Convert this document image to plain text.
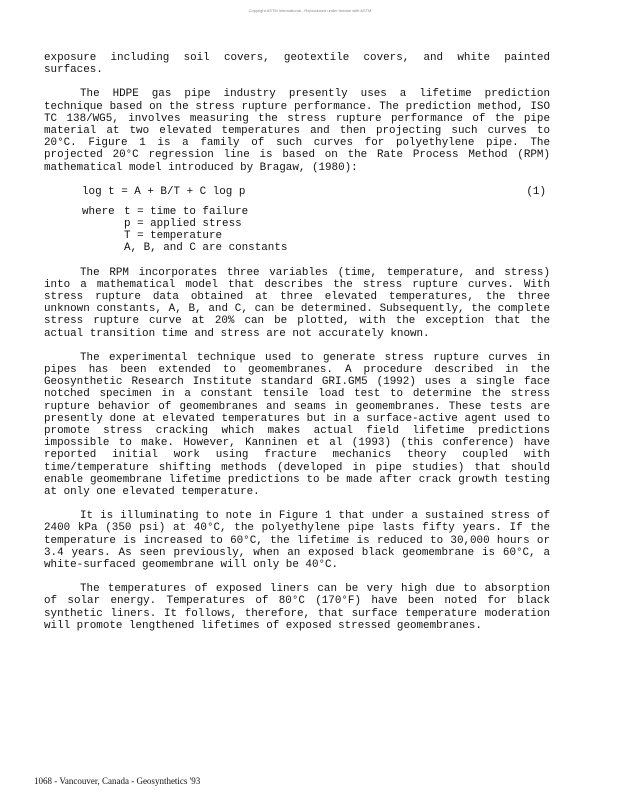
Copyright ASTM International - Reproduced under license with ASTM

exposure including soil covers, geotextile covers, and white painted surfaces.

The HDPE gas pipe industry presently uses a lifetime prediction technique based on the stress rupture performance. The prediction method, ISO TC 138/WG5, involves measuring the stress rupture performance of the pipe material at two elevated temperatures and then projecting such curves to 20°C. Figure 1 is a family of such curves for polyethylene pipe. The projected 20°C regression line is based on the Rate Process Method (RPM) mathematical model introduced by Bragaw, (1980):

log t = A + B/T + C log p	(1)
where t = time to failure
p = applied stress
T = temperature
A, B, and C are constants

The RPM incorporates three variables (time, temperature, and stress) into a mathematical model that describes the stress rupture curves. With stress rupture data obtained at three elevated temperatures, the three unknown constants, A, B, and C, can be determined. Subsequently, the complete stress rupture curve at 20% can be plotted, with the exception that the actual transition time and stress are not accurately known.

The experimental technique used to generate stress rupture curves in pipes has been extended to geomembranes. A procedure described in the Geosynthetic Research Institute standard GRI.GM5 (1992) uses a single face notched specimen in a constant tensile load test to determine the stress rupture behavior of geomembranes and seams in geomembranes. These tests are presently done at elevated temperatures but in a surface-active agent used to promote stress cracking which makes actual field lifetime predictions impossible to make. However, Kanninen et al (1993) (this conference) have reported initial work using fracture mechanics theory coupled with time/temperature shifting methods (developed in pipe studies) that should enable geomembrane lifetime predictions to be made after crack growth testing at only one elevated temperature.

It is illuminating to note in Figure 1 that under a sustained stress of 2400 kPa (350 psi) at 40°C, the polyethylene pipe lasts fifty years. If the temperature is increased to 60°C, the lifetime is reduced to 30,000 hours or 3.4 years. As seen previously, when an exposed black geomembrane is 60°C, a white-surfaced geomembrane will only be 40°C.

The temperatures of exposed liners can be very high due to absorption of solar energy. Temperatures of 80°C (170°F) have been noted for black synthetic liners. It follows, therefore, that surface temperature moderation will promote lengthened lifetimes of exposed stressed geomembranes.

1068 - Vancouver, Canada - Geosynthetics '93
